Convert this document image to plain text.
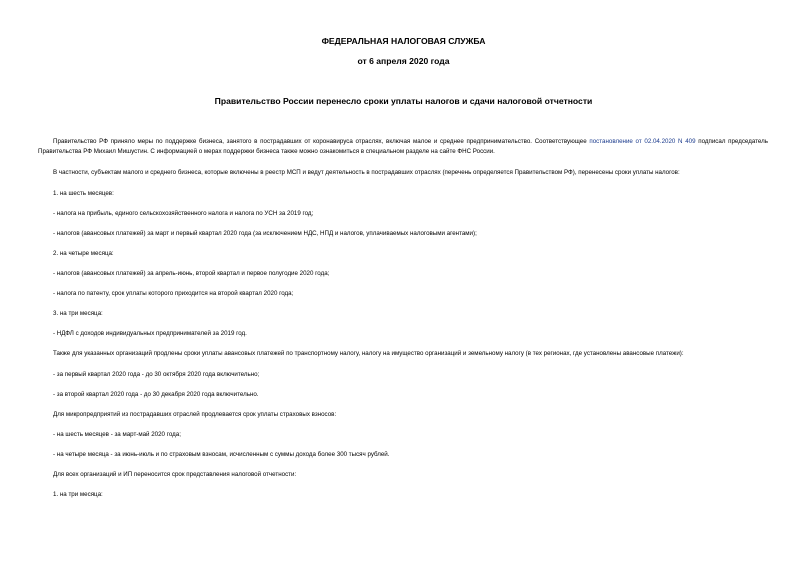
ФЕДЕРАЛЬНАЯ НАЛОГОВАЯ СЛУЖБА
от 6 апреля 2020 года
Правительство России перенесло сроки уплаты налогов и сдачи налоговой отчетности

Правительство РФ приняло меры по поддержке бизнеса, занятого в пострадавших от коронавируса отраслях, включая малое и среднее предпринимательство. Соответствующее постановление от 02.04.2020 N 409 подписал председатель Правительства РФ Михаил Мишустин. С информацией о мерах поддержки бизнеса также можно ознакомиться в специальном разделе на сайте ФНС России.

В частности, субъектам малого и среднего бизнеса, которые включены в реестр МСП и ведут деятельность в пострадавших отраслях (перечень определяется Правительством РФ), перенесены сроки уплаты налогов:

1. на шесть месяцев:

- налога на прибыль, единого сельскохозяйственного налога и налога по УСН за 2019 год;

- налогов (авансовых платежей) за март и первый квартал 2020 года (за исключением НДС, НПД и налогов, уплачиваемых налоговыми агентами);

2. на четыре месяца:

- налогов (авансовых платежей) за апрель-июнь, второй квартал и первое полугодие 2020 года;

- налога по патенту, срок уплаты которого приходится на второй квартал 2020 года;

3. на три месяца:

- НДФЛ с доходов индивидуальных предпринимателей за 2019 год.

Также для указанных организаций продлены сроки уплаты авансовых платежей по транспортному налогу, налогу на имущество организаций и земельному налогу (в тех регионах, где установлены авансовые платежи):

- за первый квартал 2020 года - до 30 октября 2020 года включительно;

- за второй квартал 2020 года - до 30 декабря 2020 года включительно.

Для микропредприятий из пострадавших отраслей продлевается срок уплаты страховых взносов:

- на шесть месяцев - за март-май 2020 года;

- на четыре месяца - за июнь-июль и по страховым взносам, исчисленным с суммы дохода более 300 тысяч рублей.

Для всех организаций и ИП переносится срок представления налоговой отчетности:

1. на три месяца:
